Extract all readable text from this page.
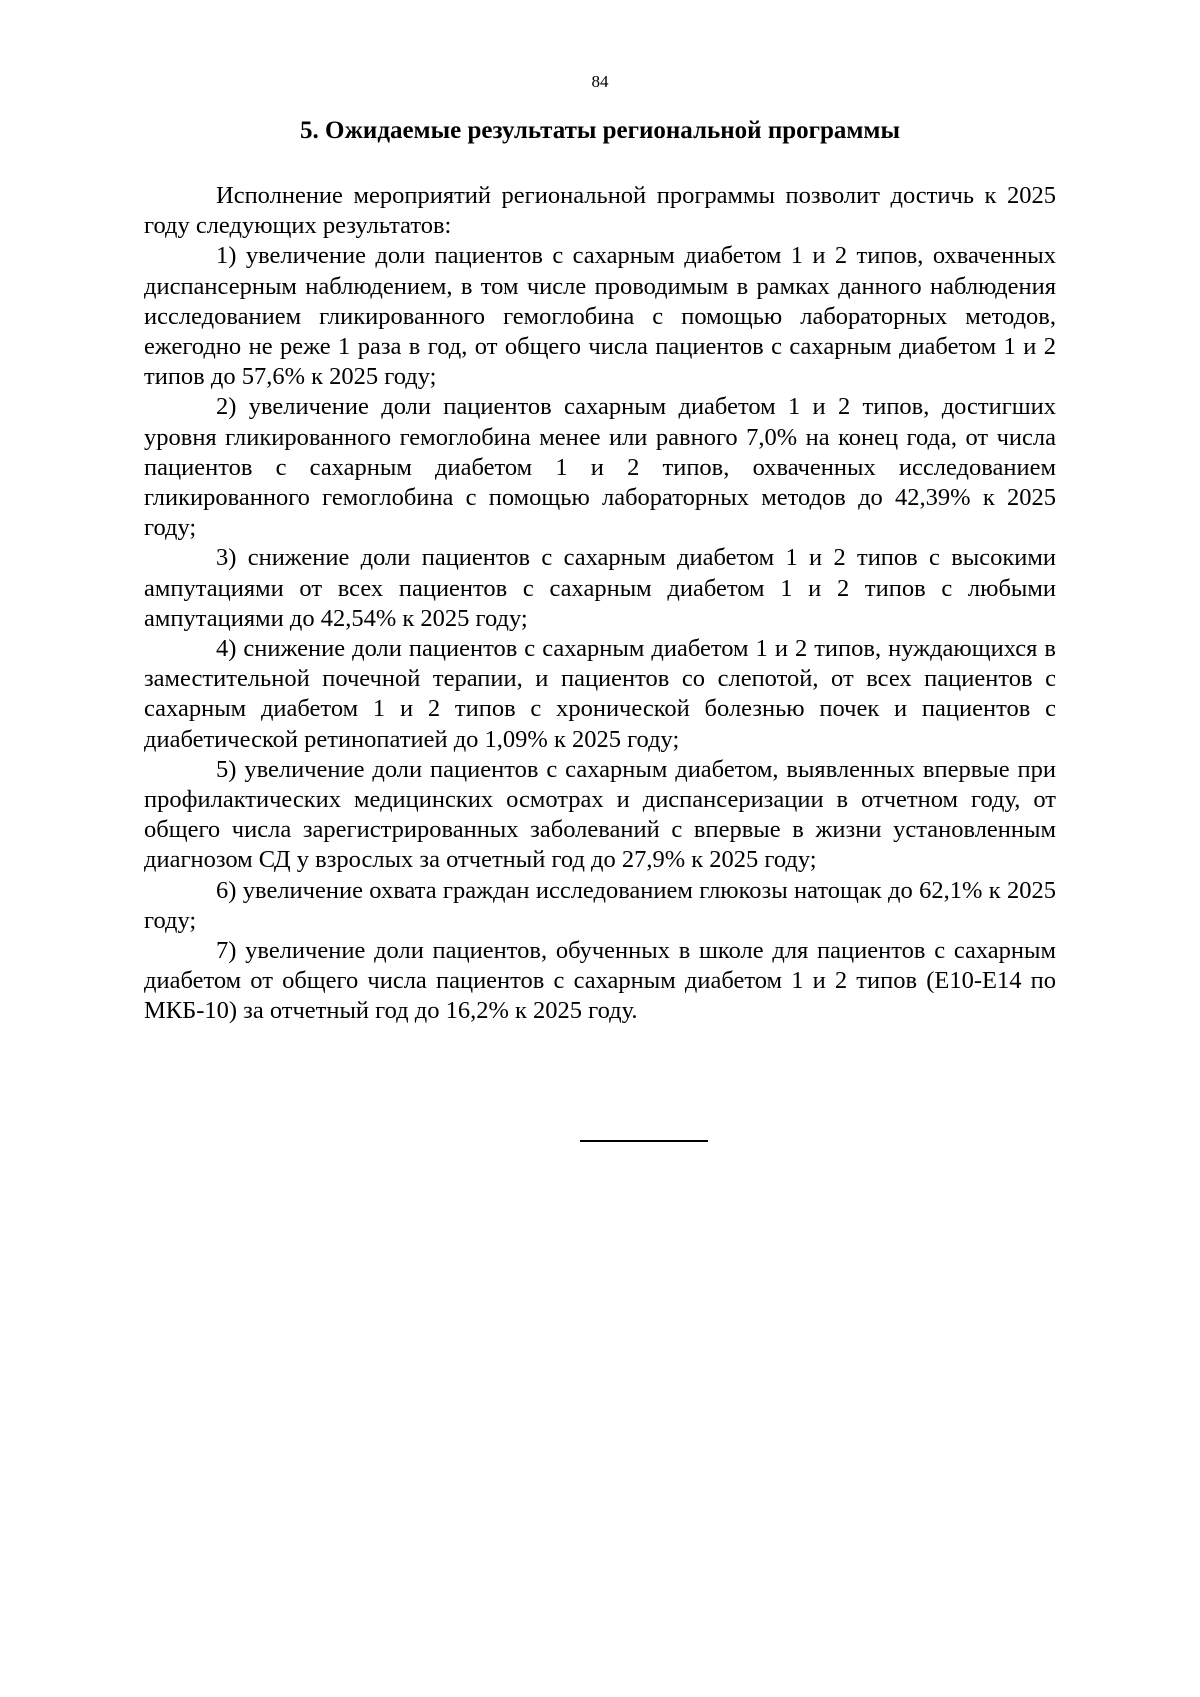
84
5. Ожидаемые результаты региональной программы

Исполнение мероприятий региональной программы позволит достичь к 2025 году следующих результатов:

1) увеличение доли пациентов с сахарным диабетом 1 и 2 типов, охваченных диспансерным наблюдением, в том числе проводимым в рамках данного наблюдения исследованием гликированного гемоглобина с помощью лабораторных методов, ежегодно не реже 1 раза в год, от общего числа пациентов с сахарным диабетом 1 и 2 типов до 57,6% к 2025 году;

2) увеличение доли пациентов сахарным диабетом 1 и 2 типов, достигших уровня гликированного гемоглобина менее или равного 7,0% на конец года, от числа пациентов с сахарным диабетом 1 и 2 типов, охваченных исследованием гликированного гемоглобина с помощью лабораторных методов до 42,39% к 2025 году;

3) снижение доли пациентов с сахарным диабетом 1 и 2 типов с высокими ампутациями от всех пациентов с сахарным диабетом 1 и 2 типов с любыми ампутациями до 42,54% к 2025 году;

4) снижение доли пациентов с сахарным диабетом 1 и 2 типов, нуждающихся в заместительной почечной терапии, и пациентов со слепотой, от всех пациентов с сахарным диабетом 1 и 2 типов с хронической болезнью почек и пациентов с диабетической ретинопатией до 1,09% к 2025 году;

5) увеличение доли пациентов с сахарным диабетом, выявленных впервые при профилактических медицинских осмотрах и диспансеризации в отчетном году, от общего числа зарегистрированных заболеваний с впервые в жизни установленным диагнозом СД у взрослых за отчетный год до 27,9% к 2025 году;

6) увеличение охвата граждан исследованием глюкозы натощак до 62,1% к 2025 году;

7) увеличение доли пациентов, обученных в школе для пациентов с сахарным диабетом от общего числа пациентов с сахарным диабетом 1 и 2 типов (Е10-Е14 по МКБ-10) за отчетный год до 16,2% к 2025 году.
